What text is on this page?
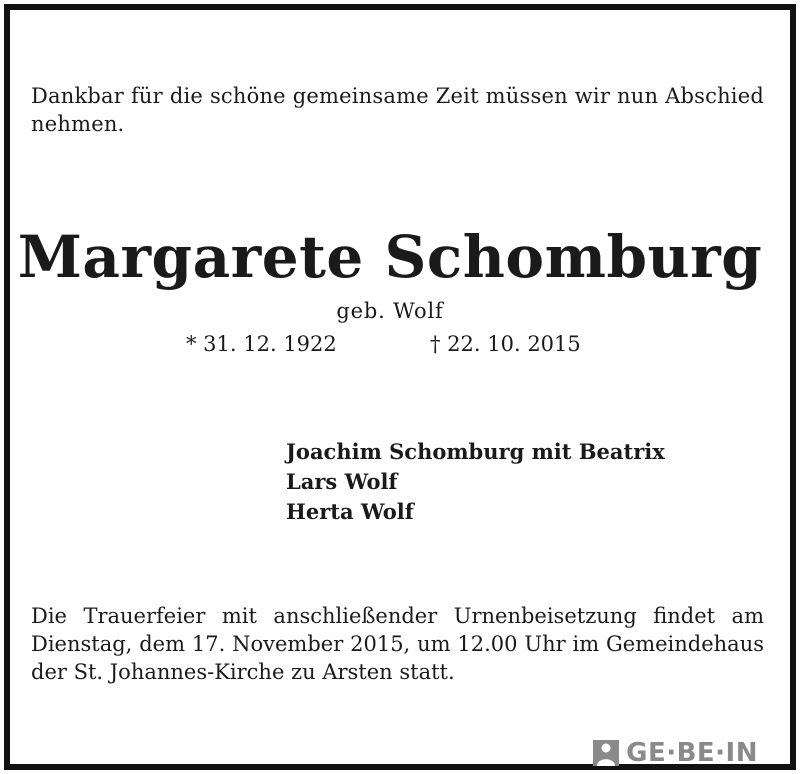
Dankbar für die schöne gemeinsame Zeit müssen wir nun Abschied nehmen.

Margarete Schomburg
geb. Wolf
* 31. 12. 1922	† 22. 10. 2015
Joachim Schomburg mit Beatrix
Lars Wolf
Herta Wolf

Die Trauerfeier mit anschließender Urnenbeisetzung findet am Dienstag, dem 17. November 2015, um 12.00 Uhr im Gemeindehaus der St. Johannes-Kirche zu Arsten statt.

GE·BE·IN
